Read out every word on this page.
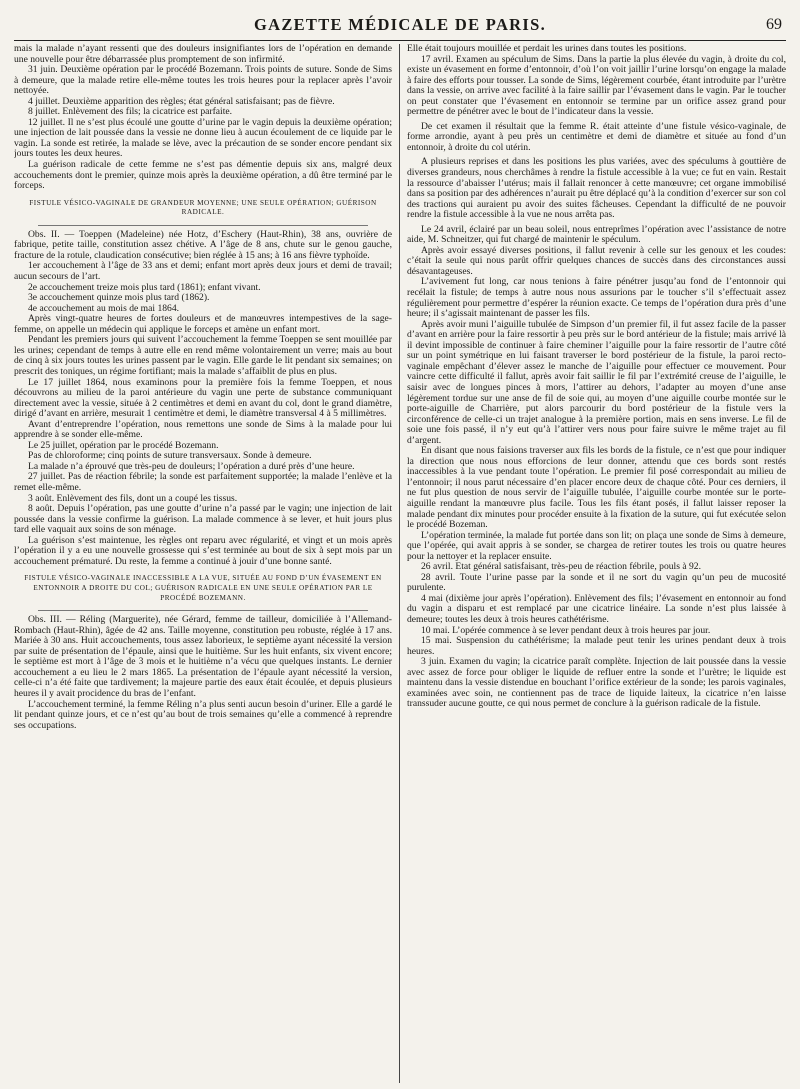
GAZETTE MÉDICALE DE PARIS.	69

mais la malade n’ayant ressenti que des douleurs insignifiantes lors de l’opération en demande une nouvelle pour être débarrassée plus promptement de son infirmité.

31 juin. Deuxième opération par le procédé Bozemann. Trois points de suture. Sonde de Sims à demeure, que la malade retire elle-même toutes les trois heures pour la replacer après l’avoir nettoyée.

4 juillet. Deuxième apparition des règles; état général satisfaisant; pas de fièvre.

8 juillet. Enlèvement des fils; la cicatrice est parfaite.

12 juillet. Il ne s’est plus écoulé une goutte d’urine par le vagin depuis la deuxième opération; une injection de lait poussée dans la vessie ne donne lieu à aucun écoulement de ce liquide par le vagin. La sonde est retirée, la malade se lève, avec la précaution de se sonder encore pendant six jours toutes les deux heures.

La guérison radicale de cette femme ne s’est pas démentie depuis six ans, malgré deux accouchements dont le premier, quinze mois après la deuxième opération, a dû être terminé par le forceps.

FISTULE VÉSICO-VAGINALE DE GRANDEUR MOYENNE; UNE SEULE OPÉRATION; GUÉRISON RADICALE.

Obs. II. — Toeppen (Madeleine) née Hotz, d’Eschery (Haut-Rhin), 38 ans, ouvrière de fabrique, petite taille, constitution assez chétive. A l’âge de 8 ans, chute sur le genou gauche, fracture de la rotule, claudication consécutive; bien réglée à 15 ans; à 16 ans fièvre typhoïde.

1er accouchement à l’âge de 33 ans et demi; enfant mort après deux jours et demi de travail; aucun secours de l’art.

2e accouchement treize mois plus tard (1861); enfant vivant.

3e accouchement quinze mois plus tard (1862).

4e accouchement au mois de mai 1864.

Après vingt-quatre heures de fortes douleurs et de manœuvres intempestives de la sage-femme, on appelle un médecin qui applique le forceps et amène un enfant mort.

Pendant les premiers jours qui suivent l’accouchement la femme Toeppen se sent mouillée par les urines; cependant de temps à autre elle en rend même volontairement un verre; mais au bout de cinq à six jours toutes les urines passent par le vagin. Elle garde le lit pendant six semaines; on prescrit des toniques, un régime fortifiant; mais la malade s’affaiblit de plus en plus.

Le 17 juillet 1864, nous examinons pour la première fois la femme Toeppen, et nous découvrons au milieu de la paroi antérieure du vagin une perte de substance communiquant directement avec la vessie, située à 2 centimètres et demi en avant du col, dont le grand diamètre, dirigé d’avant en arrière, mesurait 1 centimètre et demi, le diamètre transversal 4 à 5 millimètres.

Avant d’entreprendre l’opération, nous remettons une sonde de Sims à la malade pour lui apprendre à se sonder elle-même.

Le 25 juillet, opération par le procédé Bozemann.

Pas de chloroforme; cinq points de suture transversaux. Sonde à demeure.

La malade n’a éprouvé que très-peu de douleurs; l’opération a duré près d’une heure.

27 juillet. Pas de réaction fébrile; la sonde est parfaitement supportée; la malade l’enlève et la remet elle-même.

3 août. Enlèvement des fils, dont un a coupé les tissus.

8 août. Depuis l’opération, pas une goutte d’urine n’a passé par le vagin; une injection de lait poussée dans la vessie confirme la guérison. La malade commence à se lever, et huit jours plus tard elle vaquait aux soins de son ménage.

La guérison s’est maintenue, les règles ont reparu avec régularité, et vingt et un mois après l’opération il y a eu une nouvelle grossesse qui s’est terminée au bout de six à sept mois par un accouchement prématuré. Du reste, la femme a continué à jouir d’une bonne santé.

FISTULE VÉSICO-VAGINALE INACCESSIBLE A LA VUE, SITUÉE AU FOND D’UN ÉVASEMENT EN ENTONNOIR A DROITE DU COL; GUÉRISON RADICALE EN UNE SEULE OPÉRATION PAR LE PROCÉDÉ BOZEMANN.

Obs. III. — Réling (Marguerite), née Gérard, femme de tailleur, domiciliée à l’Allemand-Rombach (Haut-Rhin), âgée de 42 ans. Taille moyenne, constitution peu robuste, réglée à 17 ans. Mariée à 30 ans. Huit accouchements, tous assez laborieux, le septième ayant nécessité la version par suite de présentation de l’épaule, ainsi que le huitième. Sur les huit enfants, six vivent encore; le septième est mort à l’âge de 3 mois et le huitième n’a vécu que quelques instants. Le dernier accouchement a eu lieu le 2 mars 1865. La présentation de l’épaule ayant nécessité la version, celle-ci n’a été faite que tardivement; la majeure partie des eaux était écoulée, et depuis plusieurs heures il y avait procidence du bras de l’enfant.

L’accouchement terminé, la femme Réling n’a plus senti aucun besoin d’uriner. Elle a gardé le lit pendant quinze jours, et ce n’est qu’au bout de trois semaines qu’elle a commencé à reprendre ses occupations.

Elle était toujours mouillée et perdait les urines dans toutes les positions.

17 avril. Examen au spéculum de Sims. Dans la partie la plus élevée du vagin, à droite du col, existe un évasement en forme d’entonnoir, d’où l’on voit jaillir l’urine lorsqu’on engage la malade à faire des efforts pour tousser. La sonde de Sims, légèrement courbée, étant introduite par l’urètre dans la vessie, on arrive avec facilité à la faire saillir par l’évasement dans le vagin. Par le toucher on peut constater que l’évasement en entonnoir se termine par un orifice assez grand pour permettre de pénétrer avec le bout de l’indicateur dans la vessie.

De cet examen il résultait que la femme R. était atteinte d’une fistule vésico-vaginale, de forme arrondie, ayant à peu près un centimètre et demi de diamètre et située au fond d’un entonnoir, à droite du col utérin.

A plusieurs reprises et dans les positions les plus variées, avec des spéculums à gouttière de diverses grandeurs, nous cherchâmes à rendre la fistule accessible à la vue; ce fut en vain. Restait la ressource d’abaisser l’utérus; mais il fallait renoncer à cette manœuvre; cet organe immobilisé dans sa position par des adhérences n’aurait pu être déplacé qu’à la condition d’exercer sur son col des tractions qui auraient pu avoir des suites fâcheuses. Cependant la difficulté de ne pouvoir rendre la fistule accessible à la vue ne nous arrêta pas.

Le 24 avril, éclairé par un beau soleil, nous entreprîmes l’opération avec l’assistance de notre aide, M. Schneitzer, qui fut chargé de maintenir le spéculum.

Après avoir essayé diverses positions, il fallut revenir à celle sur les genoux et les coudes: c’était la seule qui nous parût offrir quelques chances de succès dans des circonstances aussi désavantageuses.

L’avivement fut long, car nous tenions à faire pénétrer jusqu’au fond de l’entonnoir qui recélait la fistule; de temps à autre nous nous assurions par le toucher s’il s’effectuait assez régulièrement pour permettre d’espérer la réunion exacte. Ce temps de l’opération dura près d’une heure; il s’agissait maintenant de passer les fils.

Après avoir muni l’aiguille tubulée de Simpson d’un premier fil, il fut assez facile de la passer d’avant en arrière pour la faire ressortir à peu près sur le bord antérieur de la fistule; mais arrivé là il devint impossible de continuer à faire cheminer l’aiguille pour la faire ressortir de l’autre côté sur un point symétrique en lui faisant traverser le bord postérieur de la fistule, la paroi recto-vaginale empêchant d’élever assez le manche de l’aiguille pour effectuer ce mouvement. Pour vaincre cette difficulté il fallut, après avoir fait saillir le fil par l’extrémité creuse de l’aiguille, le saisir avec de longues pinces à mors, l’attirer au dehors, l’adapter au moyen d’une anse légèrement tordue sur une anse de fil de soie qui, au moyen d’une aiguille courbe montée sur le porte-aiguille de Charrière, put alors parcourir du bord postérieur de la fistule vers la circonférence de celle-ci un trajet analogue à la première portion, mais en sens inverse. Le fil de soie une fois passé, il n’y eut qu’à l’attirer vers nous pour faire suivre le même trajet au fil d’argent.

En disant que nous faisions traverser aux fils les bords de la fistule, ce n’est que pour indiquer la direction que nous nous efforcions de leur donner, attendu que ces bords sont restés inaccessibles à la vue pendant toute l’opération. Le premier fil posé correspondait au milieu de l’entonnoir; il nous parut nécessaire d’en placer encore deux de chaque côté. Pour ces derniers, il ne fut plus question de nous servir de l’aiguille tubulée, l’aiguille courbe montée sur le porte-aiguille rendant la manœuvre plus facile. Tous les fils étant posés, il fallut laisser reposer la malade pendant dix minutes pour procéder ensuite à la fixation de la suture, qui fut exécutée selon le procédé Bozeman.

L’opération terminée, la malade fut portée dans son lit; on plaça une sonde de Sims à demeure, que l’opérée, qui avait appris à se sonder, se chargea de retirer toutes les trois ou quatre heures pour la nettoyer et la replacer ensuite.

26 avril. Etat général satisfaisant, très-peu de réaction fébrile, pouls à 92.

28 avril. Toute l’urine passe par la sonde et il ne sort du vagin qu’un peu de mucosité purulente.

4 mai (dixième jour après l’opération). Enlèvement des fils; l’évasement en entonnoir au fond du vagin a disparu et est remplacé par une cicatrice linéaire. La sonde n’est plus laissée à demeure; toutes les deux à trois heures cathétérisme.

10 mai. L’opérée commence à se lever pendant deux à trois heures par jour.

15 mai. Suspension du cathétérisme; la malade peut tenir les urines pendant deux à trois heures.

3 juin. Examen du vagin; la cicatrice paraît complète. Injection de lait poussée dans la vessie avec assez de force pour obliger le liquide de refluer entre la sonde et l’urètre; le liquide est maintenu dans la vessie distendue en bouchant l’orifice extérieur de la sonde; les parois vaginales, examinées avec soin, ne contiennent pas de trace de liquide laiteux, la cicatrice n’en laisse transsuder aucune goutte, ce qui nous permet de conclure à la guérison radicale de la fistule.
